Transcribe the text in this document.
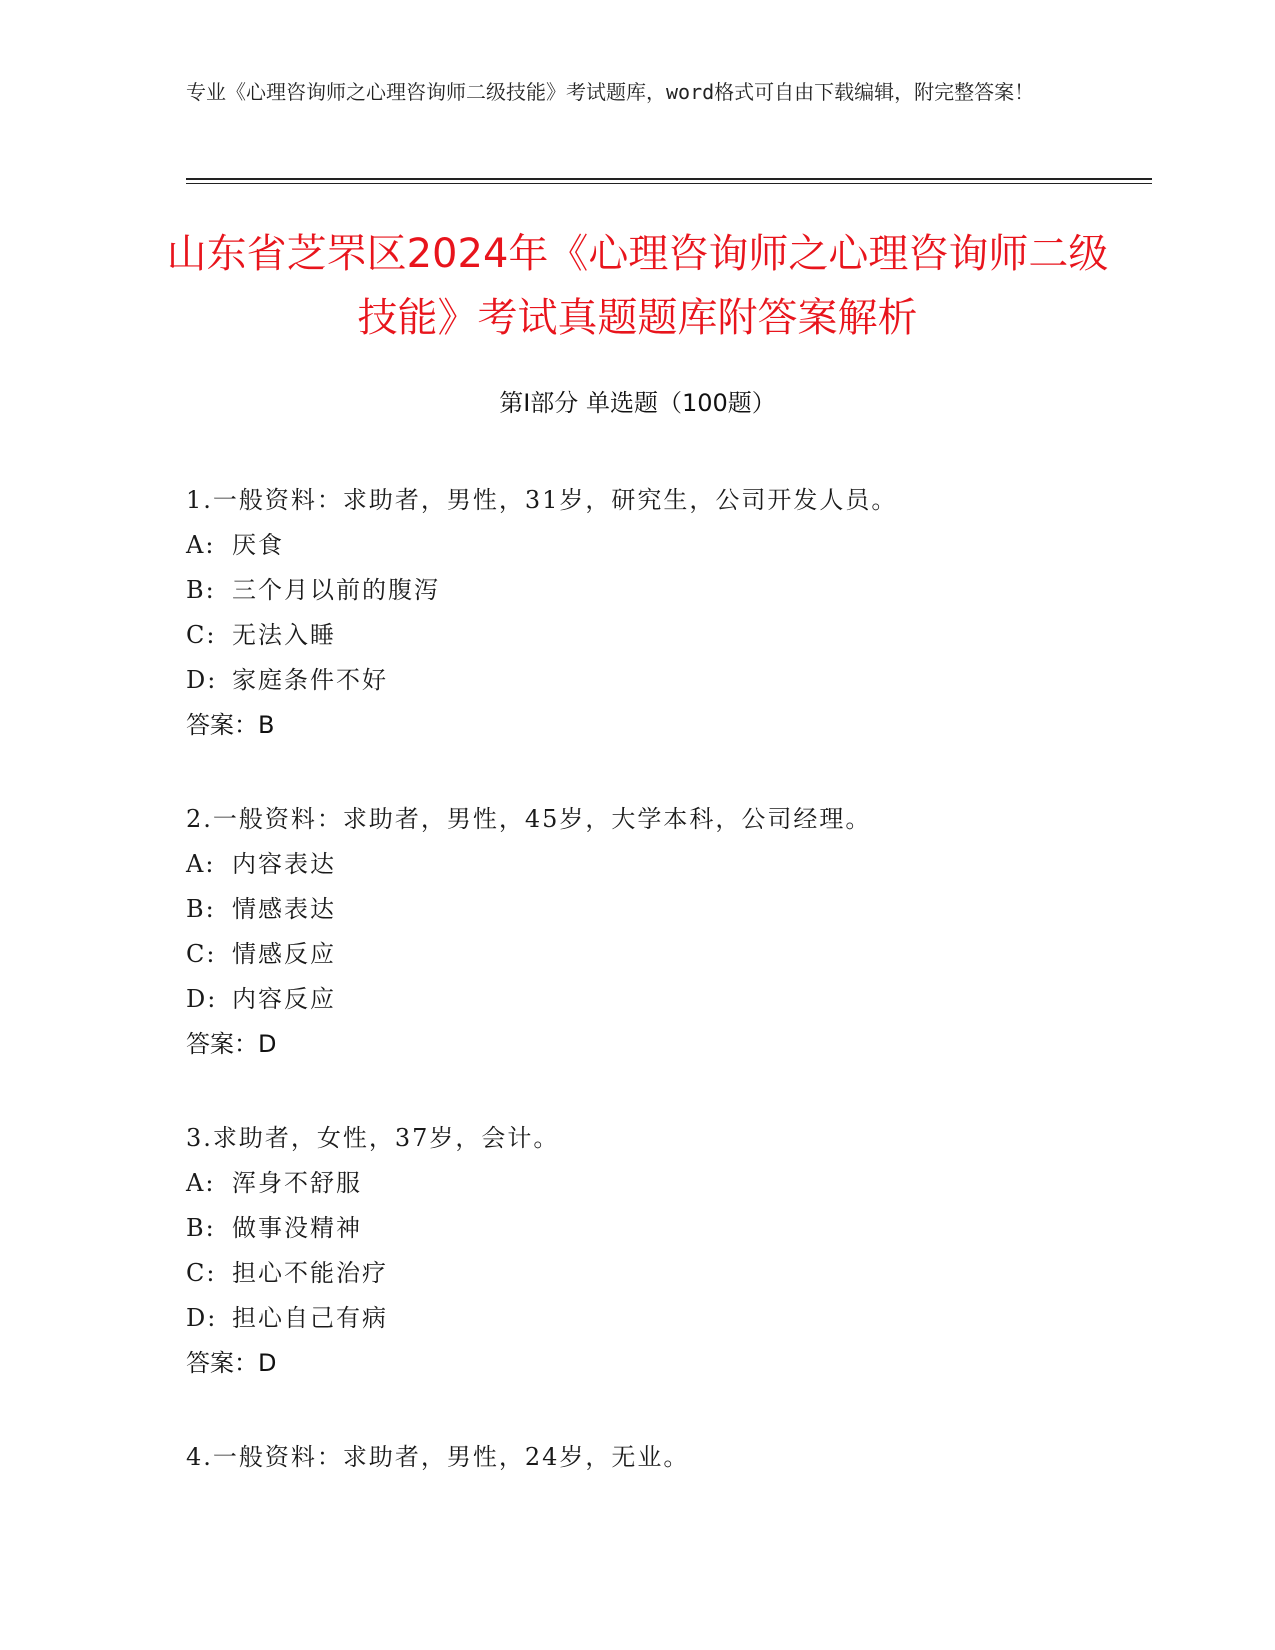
专业《心理咨询师之心理咨询师二级技能》考试题库，word格式可自由下载编辑，附完整答案！
山东省芝罘区2024年《心理咨询师之心理咨询师二级技能》考试真题题库附答案解析
第I部分 单选题（100题）
1.一般资料：求助者，男性，31岁，研究生，公司开发人员。
A: 厌食
B: 三个月以前的腹泻
C: 无法入睡
D: 家庭条件不好
答案：B
2.一般资料：求助者，男性，45岁，大学本科，公司经理。
A: 内容表达
B: 情感表达
C: 情感反应
D: 内容反应
答案：D
3.求助者，女性，37岁，会计。
A: 浑身不舒服
B: 做事没精神
C: 担心不能治疗
D: 担心自己有病
答案：D
4.一般资料：求助者，男性，24岁，无业。
